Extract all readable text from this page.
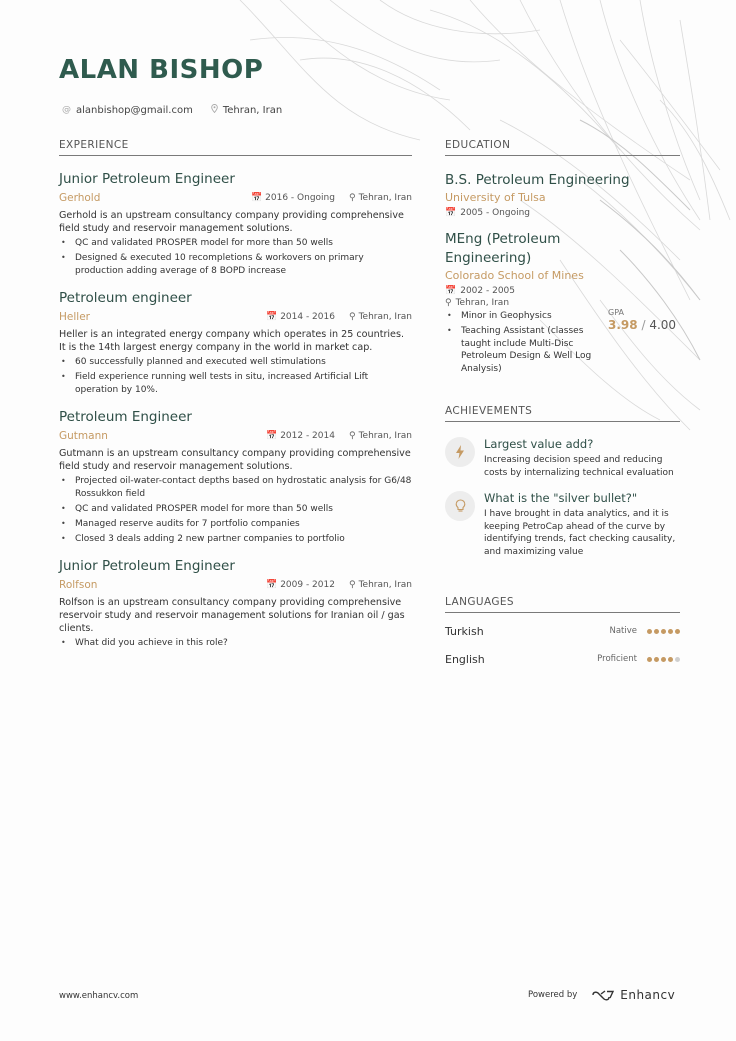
ALAN BISHOP
@ alanbishop@gmail.com	Tehran, Iran
EXPERIENCE
Junior Petroleum Engineer
Gerhold	📅 2016 - Ongoing ⚲ Tehran, Iran
Gerhold is an upstream consultancy company providing comprehensive field study and reservoir management solutions.
• QC and validated PROSPER model for more than 50 wells
• Designed & executed 10 recompletions & workovers on primary production adding average of 8 BOPD increase
Petroleum engineer
Heller	📅 2014 - 2016 ⚲ Tehran, Iran
Heller is an integrated energy company which operates in 25 countries. It is the 14th largest energy company in the world in market cap.
• 60 successfully planned and executed well stimulations
• Field experience running well tests in situ, increased Artificial Lift operation by 10%.
Petroleum Engineer
Gutmann	📅 2012 - 2014 ⚲ Tehran, Iran
Gutmann is an upstream consultancy company providing comprehensive field study and reservoir management solutions.
• Projected oil-water-contact depths based on hydrostatic analysis for G6/48 Rossukkon field
• QC and validated PROSPER model for more than 50 wells
• Managed reserve audits for 7 portfolio companies
• Closed 3 deals adding 2 new partner companies to portfolio
Junior Petroleum Engineer
Rolfson	📅 2009 - 2012 ⚲ Tehran, Iran
Rolfson is an upstream consultancy company providing comprehensive reservoir study and reservoir management solutions for Iranian oil / gas clients.
• What did you achieve in this role?
EDUCATION
B.S. Petroleum Engineering
University of Tulsa
📅 2005 - Ongoing
MEng (Petroleum Engineering)
Colorado School of Mines
📅 2002 - 2005
⚲ Tehran, Iran
GPA
3.98 / 4.00
• Minor in Geophysics
• Teaching Assistant (classes taught include Multi-Disc Petroleum Design & Well Log Analysis)
ACHIEVEMENTS
Largest value add?
Increasing decision speed and reducing costs by internalizing technical evaluation
What is the "silver bullet?"
I have brought in data analytics, and it is keeping PetroCap ahead of the curve by identifying trends, fact checking causality, and maximizing value
LANGUAGES
Turkish	Native
English	Proficient
www.enhancv.com	Powered by	Enhancv
